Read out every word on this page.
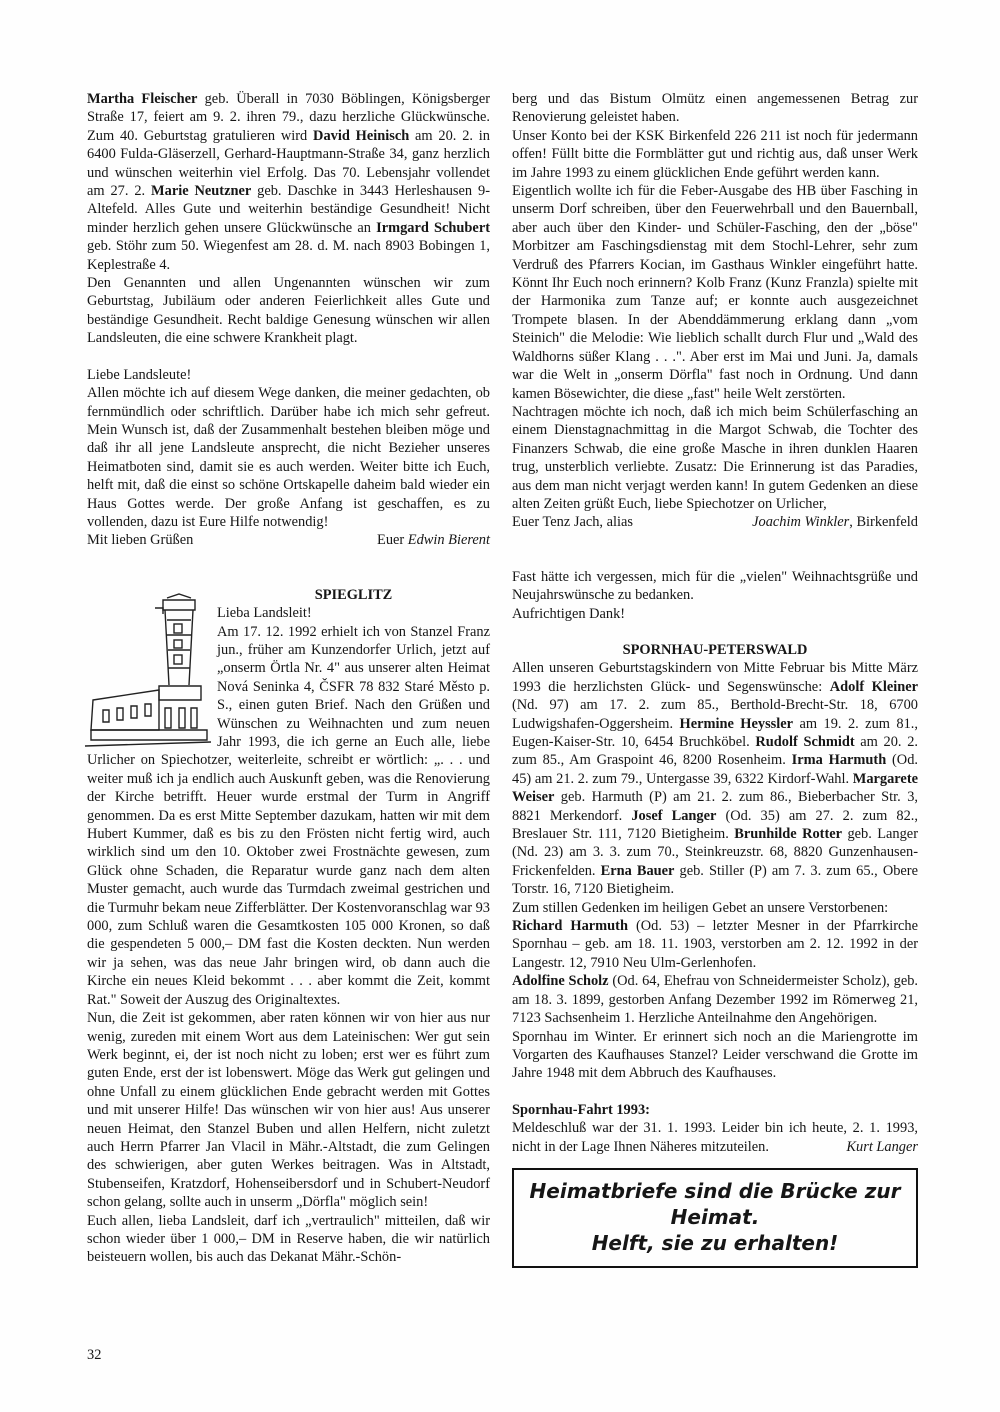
Martha Fleischer geb. Überall in 7030 Böblingen, Königsberger Straße 17, feiert am 9. 2. ihren 79., dazu herzliche Glückwünsche. Zum 40. Geburtstag gratulieren wird David Heinisch am 20. 2. in 6400 Fulda-Gläserzell, Gerhard-Hauptmann-Straße 34, ganz herzlich und wünschen weiterhin viel Erfolg. Das 70. Lebensjahr vollendet am 27. 2. Marie Neutzner geb. Daschke in 3443 Herleshausen 9-Altefeld. Alles Gute und weiterhin beständige Gesundheit! Nicht minder herzlich gehen unsere Glückwünsche an Irmgard Schubert geb. Stöhr zum 50. Wiegenfest am 28. d. M. nach 8903 Bobingen 1, Keplestraße 4.

Den Genannten und allen Ungenannten wünschen wir zum Geburtstag, Jubiläum oder anderen Feierlichkeit alles Gute und beständige Gesundheit. Recht baldige Genesung wünschen wir allen Landsleuten, die eine schwere Krankheit plagt.

Liebe Landsleute!

Allen möchte ich auf diesem Wege danken, die meiner gedachten, ob fernmündlich oder schriftlich. Darüber habe ich mich sehr gefreut. Mein Wunsch ist, daß der Zusammenhalt bestehen bleiben möge und daß ihr all jene Landsleute ansprecht, die nicht Bezieher unseres Heimatboten sind, damit sie es auch werden. Weiter bitte ich Euch, helft mit, daß die einst so schöne Ortskapelle daheim bald wieder ein Haus Gottes werde. Der große Anfang ist geschaffen, es zu vollenden, dazu ist Eure Hilfe notwendig!

Mit lieben Grüßen	Euer Edwin Bierent

SPIEGLITZ

Lieba Landsleit!

Am 17. 12. 1992 erhielt ich von Stanzel Franz jun., früher am Kunzendorfer Urlich, jetzt auf „onserm Örtla Nr. 4" aus unserer alten Heimat Nová Seninka 4, ČSFR 78 832 Staré Město p. S., einen guten Brief. Nach den Grüßen und Wünschen zu Weihnachten und zum neuen Jahr 1993, die ich gerne an Euch alle, liebe Urlicher on Spiechotzer, weiterleite, schreibt er wörtlich: „. . . und weiter muß ich ja endlich auch Auskunft geben, was die Renovierung der Kirche betrifft. Heuer wurde erstmal der Turm in Angriff genommen. Da es erst Mitte September dazukam, hatten wir mit dem Hubert Kummer, daß es bis zu den Frösten nicht fertig wird, auch wirklich sind um den 10. Oktober zwei Frostnächte gewesen, zum Glück ohne Schaden, die Reparatur wurde ganz nach dem alten Muster gemacht, auch wurde das Turmdach zweimal gestrichen und die Turmuhr bekam neue Zifferblätter. Der Kostenvoranschlag war 93 000, zum Schluß waren die Gesamtkosten 105 000 Kronen, so daß die gespendeten 5 000,– DM fast die Kosten deckten. Nun werden wir ja sehen, was das neue Jahr bringen wird, ob dann auch die Kirche ein neues Kleid bekommt . . . aber kommt die Zeit, kommt Rat." Soweit der Auszug des Originaltextes.

Nun, die Zeit ist gekommen, aber raten können wir von hier aus nur wenig, zureden mit einem Wort aus dem Lateinischen: Wer gut sein Werk beginnt, ei, der ist noch nicht zu loben; erst wer es führt zum guten Ende, erst der ist lobenswert. Möge das Werk gut gelingen und ohne Unfall zu einem glücklichen Ende gebracht werden mit Gottes und mit unserer Hilfe! Das wünschen wir von hier aus! Aus unserer neuen Heimat, den Stanzel Buben und allen Helfern, nicht zuletzt auch Herrn Pfarrer Jan Vlacil in Mähr.-Altstadt, die zum Gelingen des schwierigen, aber guten Werkes beitragen. Was in Altstadt, Stubenseifen, Kratzdorf, Hohenseibersdorf und in Schubert-Neudorf schon gelang, sollte auch in unserm „Dörfla" möglich sein!

Euch allen, lieba Landsleit, darf ich „vertraulich" mitteilen, daß wir schon wieder über 1 000,– DM in Reserve haben, die wir natürlich beisteuern wollen, bis auch das Dekanat Mähr.-Schön-

berg und das Bistum Olmütz einen angemessenen Betrag zur Renovierung geleistet haben.

Unser Konto bei der KSK Birkenfeld 226 211 ist noch für jedermann offen! Füllt bitte die Formblätter gut und richtig aus, daß unser Werk im Jahre 1993 zu einem glücklichen Ende geführt werden kann.

Eigentlich wollte ich für die Feber-Ausgabe des HB über Fasching in unserm Dorf schreiben, über den Feuerwehrball und den Bauernball, aber auch über den Kinder- und Schüler-Fasching, den der „böse" Morbitzer am Faschingsdienstag mit dem Stochl-Lehrer, sehr zum Verdruß des Pfarrers Kocian, im Gasthaus Winkler eingeführt hatte. Könnt Ihr Euch noch erinnern? Kolb Franz (Kunz Franzla) spielte mit der Harmonika zum Tanze auf; er konnte auch ausgezeichnet Trompete blasen. In der Abenddämmerung erklang dann „vom Steinich" die Melodie: Wie lieblich schallt durch Flur und „Wald des Waldhorns süßer Klang . . .". Aber erst im Mai und Juni. Ja, damals war die Welt in „onserm Dörfla" fast noch in Ordnung. Und dann kamen Bösewichter, die diese „fast" heile Welt zerstörten.

Nachtragen möchte ich noch, daß ich mich beim Schülerfasching an einem Dienstagnachmittag in die Margot Schwab, die Tochter des Finanzers Schwab, die eine große Masche in ihren dunklen Haaren trug, unsterblich verliebte. Zusatz: Die Erinnerung ist das Paradies, aus dem man nicht verjagt werden kann! In gutem Gedenken an diese alten Zeiten grüßt Euch, liebe Spiechotzer on Urlicher,

Euer Tenz Jach, alias	Joachim Winkler, Birkenfeld

Fast hätte ich vergessen, mich für die „vielen" Weihnachtsgrüße und Neujahrswünsche zu bedanken.

Aufrichtigen Dank!

SPORNHAU-PETERSWALD

Allen unseren Geburtstagskindern von Mitte Februar bis Mitte März 1993 die herzlichsten Glück- und Segenswünsche: Adolf Kleiner (Nd. 97) am 17. 2. zum 85., Berthold-Brecht-Str. 18, 6700 Ludwigshafen-Oggersheim. Hermine Heyssler am 19. 2. zum 81., Eugen-Kaiser-Str. 10, 6454 Bruchköbel. Rudolf Schmidt am 20. 2. zum 85., Am Graspoint 46, 8200 Rosenheim. Irma Harmuth (Od. 45) am 21. 2. zum 79., Untergasse 39, 6322 Kirdorf-Wahl. Margarete Weiser geb. Harmuth (P) am 21. 2. zum 86., Bieberbacher Str. 3, 8821 Merkendorf. Josef Langer (Od. 35) am 27. 2. zum 82., Breslauer Str. 111, 7120 Bietigheim. Brunhilde Rotter geb. Langer (Nd. 23) am 3. 3. zum 70., Steinkreuzstr. 68, 8820 Gunzenhausen-Frickenfelden. Erna Bauer geb. Stiller (P) am 7. 3. zum 65., Obere Torstr. 16, 7120 Bietigheim.

Zum stillen Gedenken im heiligen Gebet an unsere Verstorbenen:

Richard Harmuth (Od. 53) – letzter Mesner in der Pfarrkirche Spornhau – geb. am 18. 11. 1903, verstorben am 2. 12. 1992 in der Langestr. 12, 7910 Neu Ulm-Gerlenhofen.

Adolfine Scholz (Od. 64, Ehefrau von Schneidermeister Scholz), geb. am 18. 3. 1899, gestorben Anfang Dezember 1992 im Römerweg 21, 7123 Sachsenheim 1. Herzliche Anteilnahme den Angehörigen.

Spornhau im Winter. Er erinnert sich noch an die Mariengrotte im Vorgarten des Kaufhauses Stanzel? Leider verschwand die Grotte im Jahre 1948 mit dem Abbruch des Kaufhauses.

Spornhau-Fahrt 1993:

Meldeschluß war der 31. 1. 1993. Leider bin ich heute, 2. 1. 1993, nicht in der Lage Ihnen Näheres mitzuteilen.	Kurt Langer

Heimatbriefe sind die Brücke zur Heimat.
Helft, sie zu erhalten!
32
